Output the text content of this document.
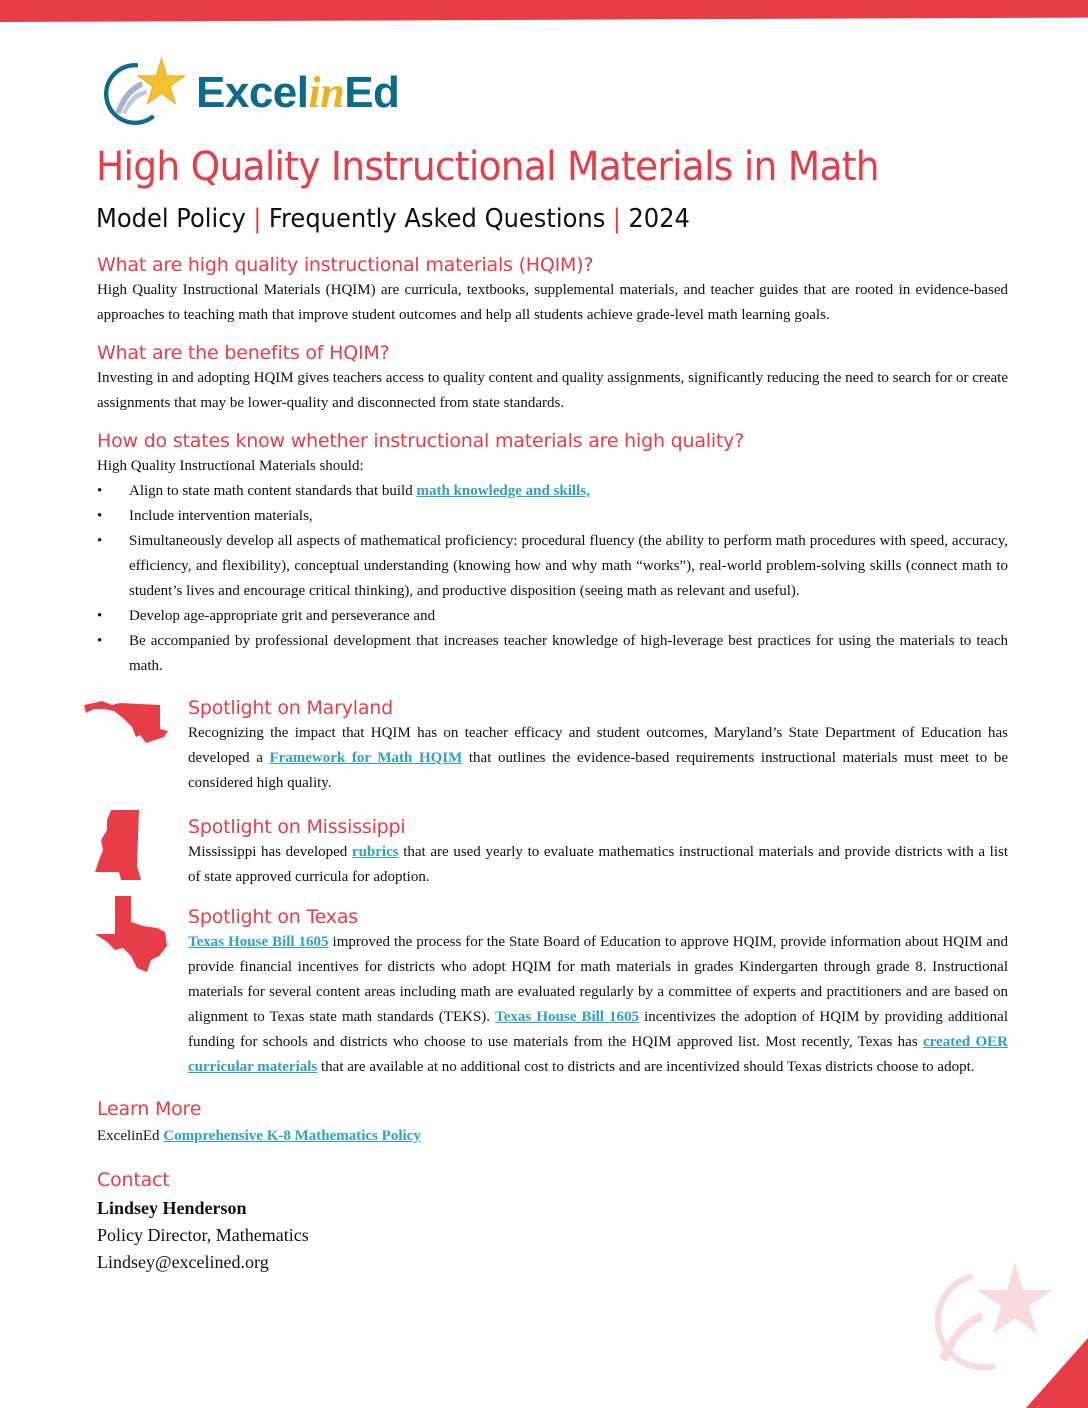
ExcelinEd
High Quality Instructional Materials in Math
Model Policy | Frequently Asked Questions | 2024
What are high quality instructional materials (HQIM)?

High Quality Instructional Materials (HQIM) are curricula, textbooks, supplemental materials, and teacher guides that are rooted in evidence-based approaches to teaching math that improve student outcomes and help all students achieve grade-level math learning goals.

What are the benefits of HQIM?

Investing in and adopting HQIM gives teachers access to quality content and quality assignments, significantly reducing the need to search for or create assignments that may be lower-quality and disconnected from state standards.

How do states know whether instructional materials are high quality?

High Quality Instructional Materials should:

• Align to state math content standards that build math knowledge and skills,
• Include intervention materials,
• Simultaneously develop all aspects of mathematical proficiency: procedural fluency (the ability to perform math procedures with speed, accuracy, efficiency, and flexibility), conceptual understanding (knowing how and why math “works”), real-world problem-solving skills (connect math to student’s lives and encourage critical thinking), and productive disposition (seeing math as relevant and useful).
• Develop age-appropriate grit and perseverance and
• Be accompanied by professional development that increases teacher knowledge of high-leverage best practices for using the materials to teach math.
Spotlight on Maryland

Recognizing the impact that HQIM has on teacher efficacy and student outcomes, Maryland’s State Department of Education has developed a Framework for Math HQIM that outlines the evidence-based requirements instructional materials must meet to be considered high quality.

Spotlight on Mississippi

Mississippi has developed rubrics that are used yearly to evaluate mathematics instructional materials and provide districts with a list of state approved curricula for adoption.

Spotlight on Texas

Texas House Bill 1605 improved the process for the State Board of Education to approve HQIM, provide information about HQIM and provide financial incentives for districts who adopt HQIM for math materials in grades Kindergarten through grade 8. Instructional materials for several content areas including math are evaluated regularly by a committee of experts and practitioners and are based on alignment to Texas state math standards (TEKS). Texas House Bill 1605 incentivizes the adoption of HQIM by providing additional funding for schools and districts who choose to use materials from the HQIM approved list. Most recently, Texas has created OER curricular materials that are available at no additional cost to districts and are incentivized should Texas districts choose to adopt.

Learn More

ExcelinEd Comprehensive K-8 Mathematics Policy

Contact
Lindsey Henderson
Policy Director, Mathematics
Lindsey@excelined.org
